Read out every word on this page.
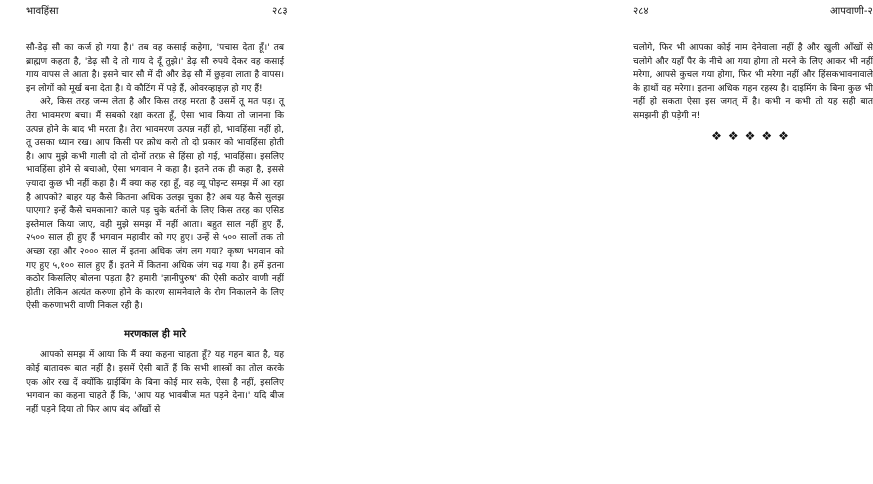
भावहिंसा	२८३

सौ-डेढ़ सौ का कर्ज हो गया है।' तब वह कसाई कहेगा, 'पचास देता हूँ।' तब ब्राह्मण कहता है, 'डेढ़ सौ दे तो गाय दे दूँ तुझे।' डेढ़ सौ रुपये देकर वह कसाई गाय वापस ले आता है। इसने चार सौ में दी और डेढ़ सौ में छुड़वा लाता है वापस। इन लोगों को मूर्ख बना देता है। ये कौटिंग में पड़े हैं, ओवरव्हाइज़ हो गए हैं!

अरे, किस तरह जन्म लेता है और किस तरह मरता है उसमें तू मत पड़। तू तेरा भावमरण बचा। मैं सबको रक्षा करता हूँ, ऐसा भाव किया तो जानना कि उत्पन्न होने के बाद भी मरता है। तेरा भावमरण उत्पन्न नहीं हो, भावहिंसा नहीं हो, तू उसका ध्यान रख। आप किसी पर क्रोध करो तो दो प्रकार को भावहिंसा होती है। आप मुझे कभी गाली दो तो दोनों तरफ़ से हिंसा हो गई, भावहिंसा। इसलिए भावहिंसा होने से बचाओ, ऐसा भगवान ने कहा है। इतने तक ही कहा है, इससे ज़्यादा कुछ भी नहीं कहा है। मैं क्या कह रहा हूँ, वह व्यू पोइन्ट समझ में आ रहा है आपको? बाहर यह कैसे कितना अधिक उलझ चुका है? अब यह कैसे सुलझ पाएगा? इन्हें कैसे चमकाना? काले पड़ चुके बर्तनों के लिए किस तरह का एसिड इस्तेमाल किया जाए, वही मुझे समझ में नहीं आता। बहुत साल नहीं हुए हैं, २५०० साल ही हुए हैं भगवान महावीर को गए हुए। उन्हें से ५०० सालों तक तो अच्छा रहा और २००० साल में इतना अधिक जंग लग गया? कृष्ण भगवान को गए हुए ५,१०० साल हुए हैं। इतने में कितना अधिक जंग चढ़ गया है। हमें इतना कठोर किसलिए बोलना पड़ता है? हमारी 'ज्ञानीपुरुष' की ऐसी कठोर वाणी नहीं होती। लेकिन अत्यंत करुणा होने के कारण सामनेवाले के रोग निकालने के लिए ऐसी करुणाभरी वाणी निकल रही है।

मरणकाल ही मारे

आपको समझ में आया कि मैं क्या कहना चाहता हूँ? यह गहन बात है, यह कोई बातावरू बात नहीं है। इसमें ऐसी बातें हैं कि सभी शास्त्रों का तोल करके एक ओर रख दें क्योंकि ग्राईबिंग के बिना कोई मार सके, ऐसा है नहीं, इसलिए भगवान का कहना चाहते हैं कि, 'आप यह भावबीज मत पड़ने देना।' यदि बीज नहीं पड़ने दिया तो फिर आप बंद आँखों से

२८४	आपवाणी-२

चलोगे, फिर भी आपका कोई नाम देनेवाला नहीं है और खुली आँखों से चलोगे और यहाँ पैर के नीचे आ गया होगा तो मरने के लिए आकर भी नहीं मरेगा, आपसे कुचल गया होगा, फिर भी मरेगा नहीं और हिंसकभावनावाले के हाथों वह मरेगा। इतना अधिक गहन रहस्य है। दाइमिंग के बिना कुछ भी नहीं हो सकता ऐसा इस जगत् में है। कभी न कभी तो यह सही बात समझनी ही पड़ेगी न!

❖❖❖❖❖
